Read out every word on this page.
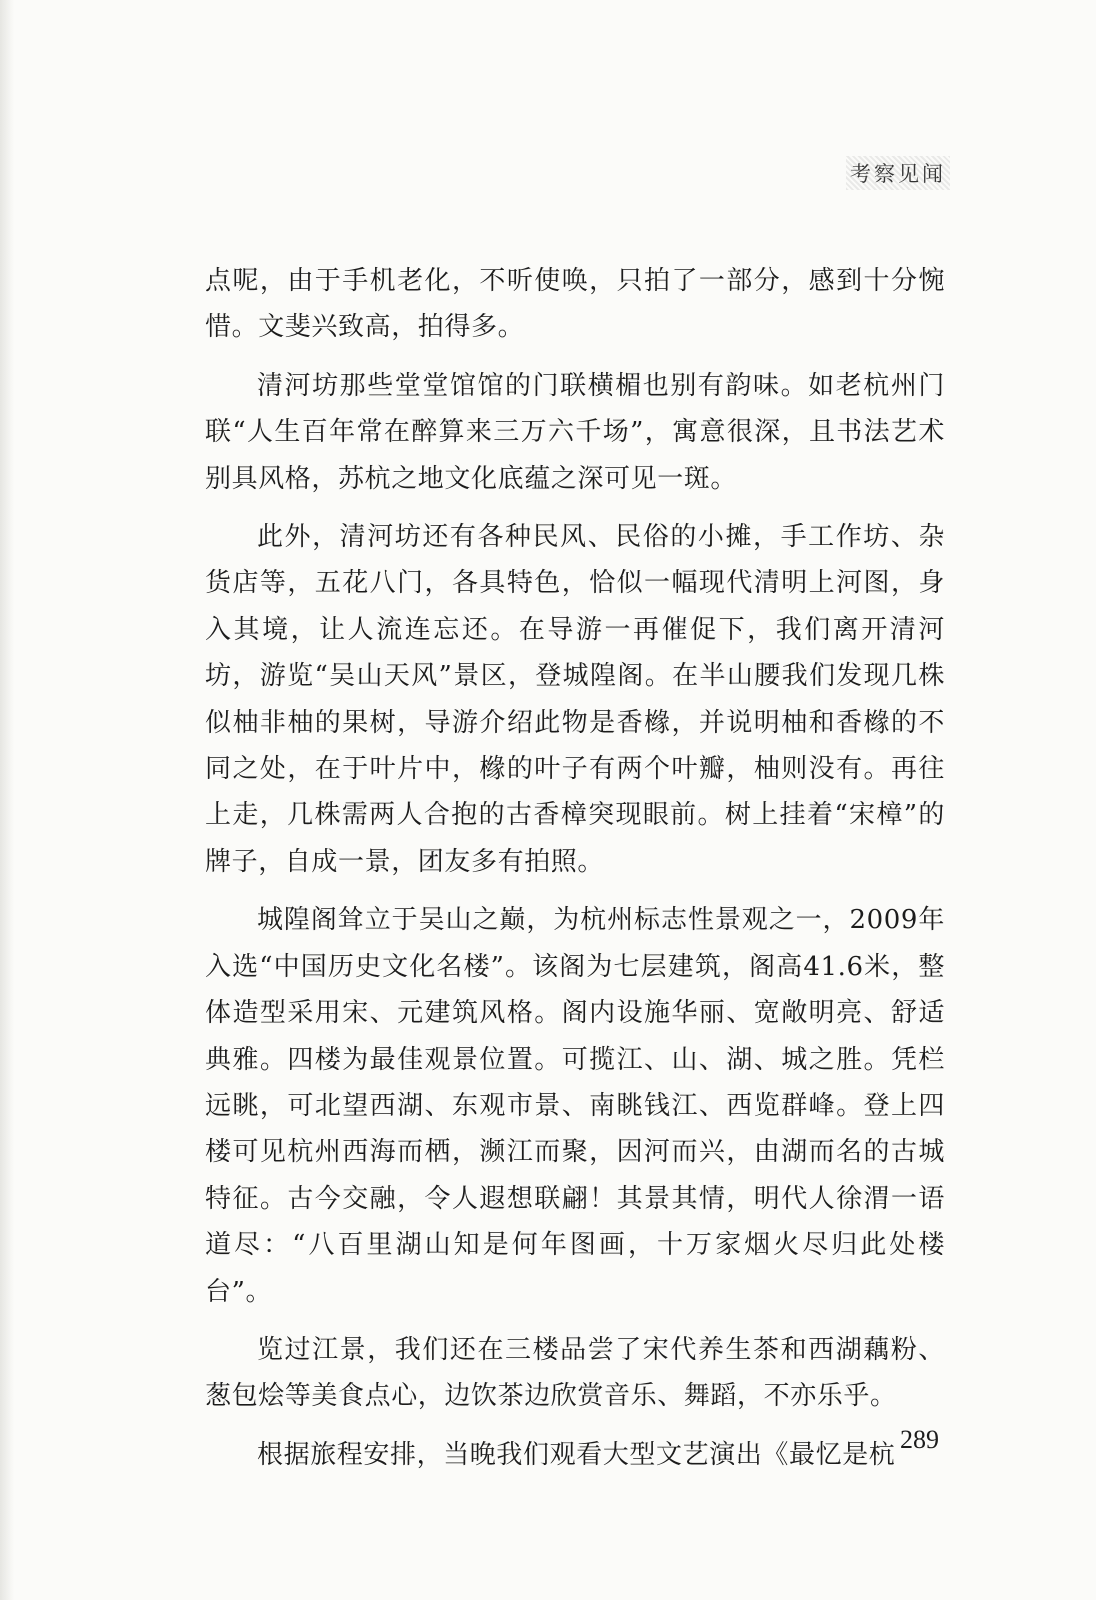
考察见闻

点呢，由于手机老化，不听使唤，只拍了一部分，感到十分惋惜。文斐兴致高，拍得多。

清河坊那些堂堂馆馆的门联横楣也别有韵味。如老杭州门联“人生百年常在醉算来三万六千场”，寓意很深，且书法艺术别具风格，苏杭之地文化底蕴之深可见一斑。

此外，清河坊还有各种民风、民俗的小摊，手工作坊、杂货店等，五花八门，各具特色，恰似一幅现代清明上河图，身入其境，让人流连忘还。在导游一再催促下，我们离开清河坊，游览“吴山天风”景区，登城隍阁。在半山腰我们发现几株似柚非柚的果树，导游介绍此物是香橼，并说明柚和香橼的不同之处，在于叶片中，橼的叶子有两个叶瓣，柚则没有。再往上走，几株需两人合抱的古香樟突现眼前。树上挂着“宋樟”的牌子，自成一景，团友多有拍照。

城隍阁耸立于吴山之巅，为杭州标志性景观之一，2009年入选“中国历史文化名楼”。该阁为七层建筑，阁高41.6米，整体造型采用宋、元建筑风格。阁内设施华丽、宽敞明亮、舒适典雅。四楼为最佳观景位置。可揽江、山、湖、城之胜。凭栏远眺，可北望西湖、东观市景、南眺钱江、西览群峰。登上四楼可见杭州西海而栖，濒江而聚，因河而兴，由湖而名的古城特征。古今交融，令人遐想联翩！其景其情，明代人徐渭一语道尽：“八百里湖山知是何年图画，十万家烟火尽归此处楼台”。

览过江景，我们还在三楼品尝了宋代养生茶和西湖藕粉、葱包烩等美食点心，边饮茶边欣赏音乐、舞蹈，不亦乐乎。

根据旅程安排，当晚我们观看大型文艺演出《最忆是杭

289
